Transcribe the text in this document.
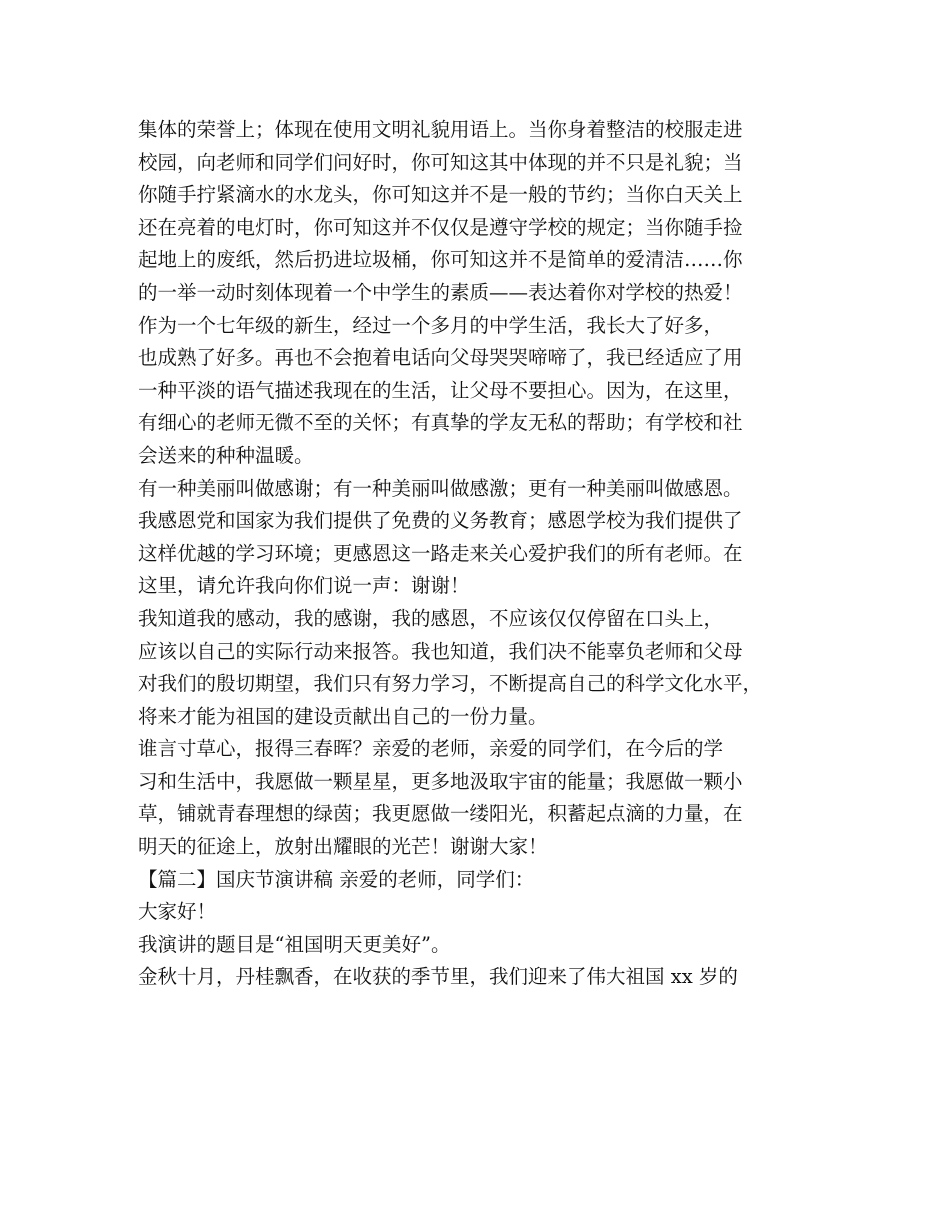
集体的荣誉上；体现在使用文明礼貌用语上。当你身着整洁的校服走进
校园，向老师和同学们问好时，你可知这其中体现的并不只是礼貌；当
你随手拧紧滴水的水龙头，你可知这并不是一般的节约；当你白天关上
还在亮着的电灯时，你可知这并不仅仅是遵守学校的规定；当你随手捡
起地上的废纸，然后扔进垃圾桶，你可知这并不是简单的爱清洁……你
的一举一动时刻体现着一个中学生的素质——表达着你对学校的热爱！
作为一个七年级的新生，经过一个多月的中学生活，我长大了好多，
也成熟了好多。再也不会抱着电话向父母哭哭啼啼了，我已经适应了用
一种平淡的语气描述我现在的生活，让父母不要担心。因为，在这里，
有细心的老师无微不至的关怀；有真挚的学友无私的帮助；有学校和社
会送来的种种温暖。
有一种美丽叫做感谢；有一种美丽叫做感激；更有一种美丽叫做感恩。
我感恩党和国家为我们提供了免费的义务教育；感恩学校为我们提供了
这样优越的学习环境；更感恩这一路走来关心爱护我们的所有老师。在
这里，请允许我向你们说一声：谢谢！
我知道我的感动，我的感谢，我的感恩，不应该仅仅停留在口头上，
应该以自己的实际行动来报答。我也知道，我们决不能辜负老师和父母
对我们的殷切期望，我们只有努力学习，不断提高自己的科学文化水平，
将来才能为祖国的建设贡献出自己的一份力量。
谁言寸草心，报得三春晖？亲爱的老师，亲爱的同学们，在今后的学
习和生活中，我愿做一颗星星，更多地汲取宇宙的能量；我愿做一颗小
草，铺就青春理想的绿茵；我更愿做一缕阳光，积蓄起点滴的力量，在
明天的征途上，放射出耀眼的光芒！谢谢大家！
【篇二】国庆节演讲稿 亲爱的老师，同学们：
大家好！
我演讲的题目是“祖国明天更美好”。
金秋十月，丹桂飘香，在收获的季节里，我们迎来了伟大祖国 xx 岁的
